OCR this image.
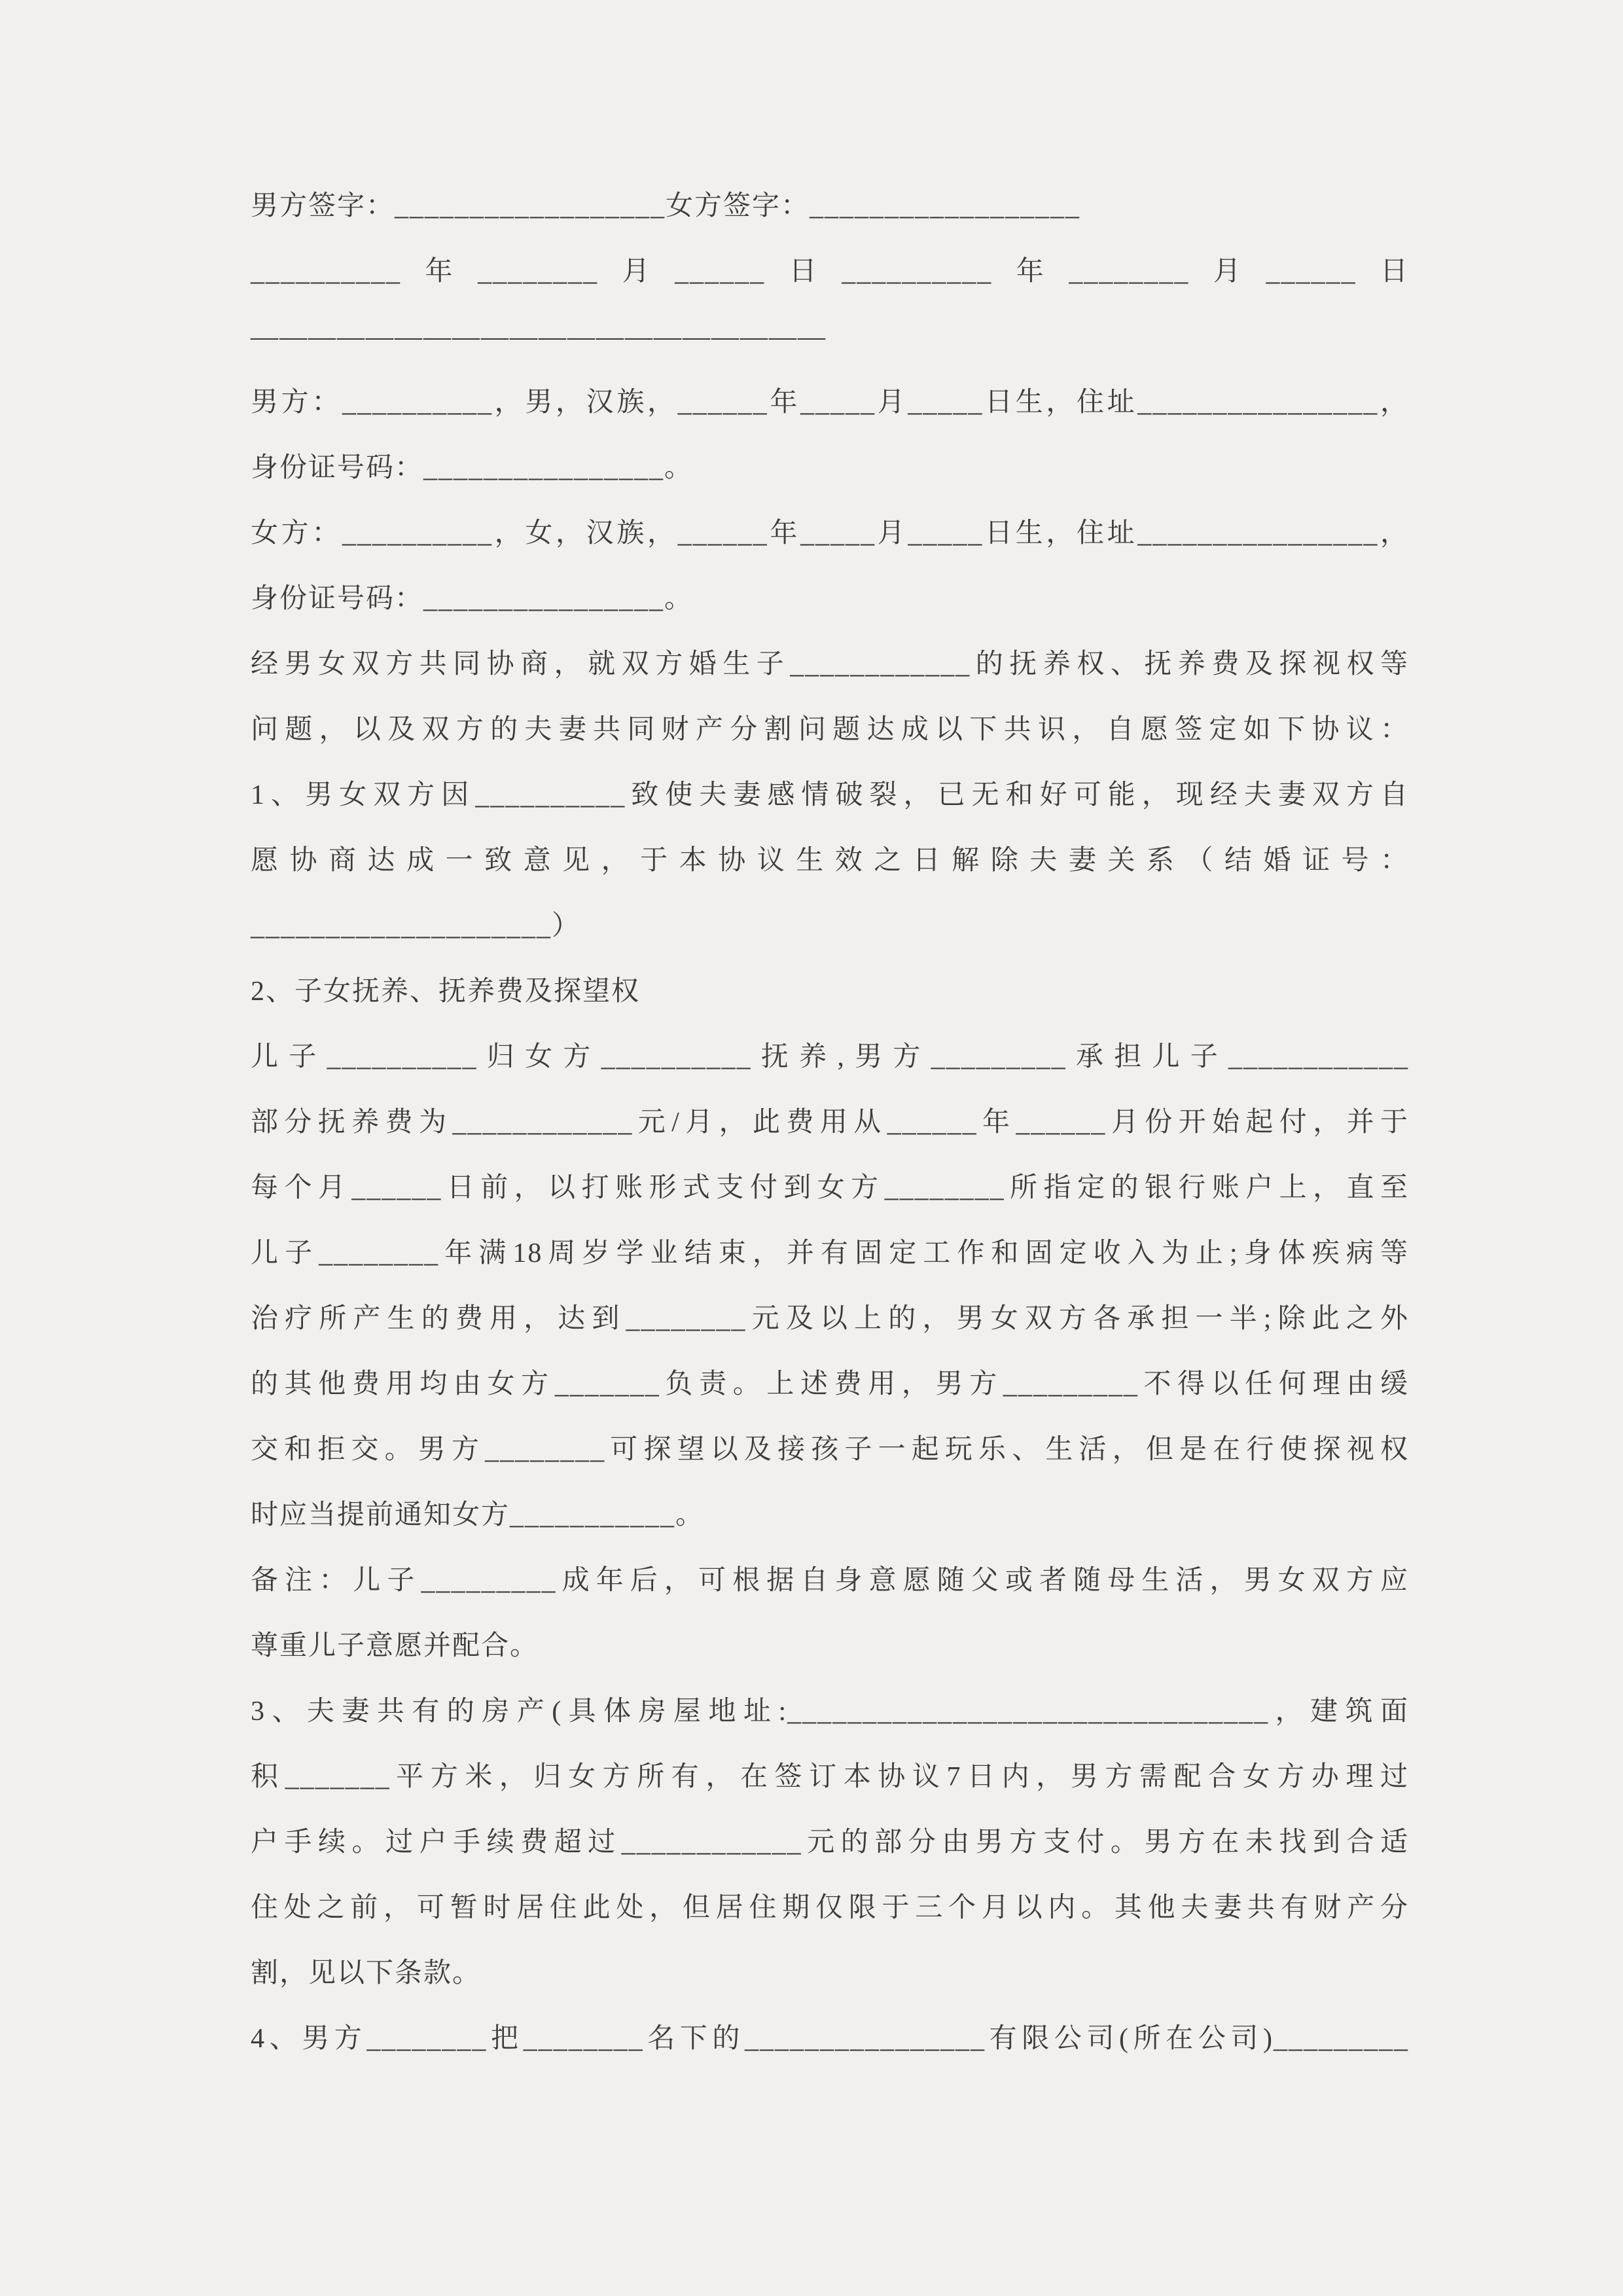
男方签字：__________________女方签字：__________________
__________年________月______日__________年________月______日
————————————————————
男方：__________，男，汉族，______年_____月_____日生，住址________________，
身份证号码：________________。
女方：__________，女，汉族，______年_____月_____日生，住址________________，
身份证号码：________________。
经男女双方共同协商，就双方婚生子____________的抚养权、抚养费及探视权等
问题，以及双方的夫妻共同财产分割问题达成以下共识，自愿签定如下协议：
1、男女双方因__________致使夫妻感情破裂，已无和好可能，现经夫妻双方自
愿协商达成一致意见，于本协议生效之日解除夫妻关系（结婚证号：
____________________）
2、子女抚养、抚养费及探望权
儿子__________归女方__________抚养,男方_________承担儿子____________
部分抚养费为____________元/月，此费用从______年______月份开始起付，并于
每个月______日前，以打账形式支付到女方________所指定的银行账户上，直至
儿子________年满18周岁学业结束，并有固定工作和固定收入为止;身体疾病等
治疗所产生的费用，达到________元及以上的，男女双方各承担一半;除此之外
的其他费用均由女方_______负责。上述费用，男方_________不得以任何理由缓
交和拒交。男方________可探望以及接孩子一起玩乐、生活，但是在行使探视权
时应当提前通知女方___________。
备注：儿子_________成年后，可根据自身意愿随父或者随母生活，男女双方应
尊重儿子意愿并配合。
3、夫妻共有的房产(具体房屋地址:________________________________，建筑面
积_______平方米，归女方所有，在签订本协议7日内，男方需配合女方办理过
户手续。过户手续费超过____________元的部分由男方支付。男方在未找到合适
住处之前，可暂时居住此处，但居住期仅限于三个月以内。其他夫妻共有财产分
割，见以下条款。
4、男方________把________名下的________________有限公司(所在公司)_________
